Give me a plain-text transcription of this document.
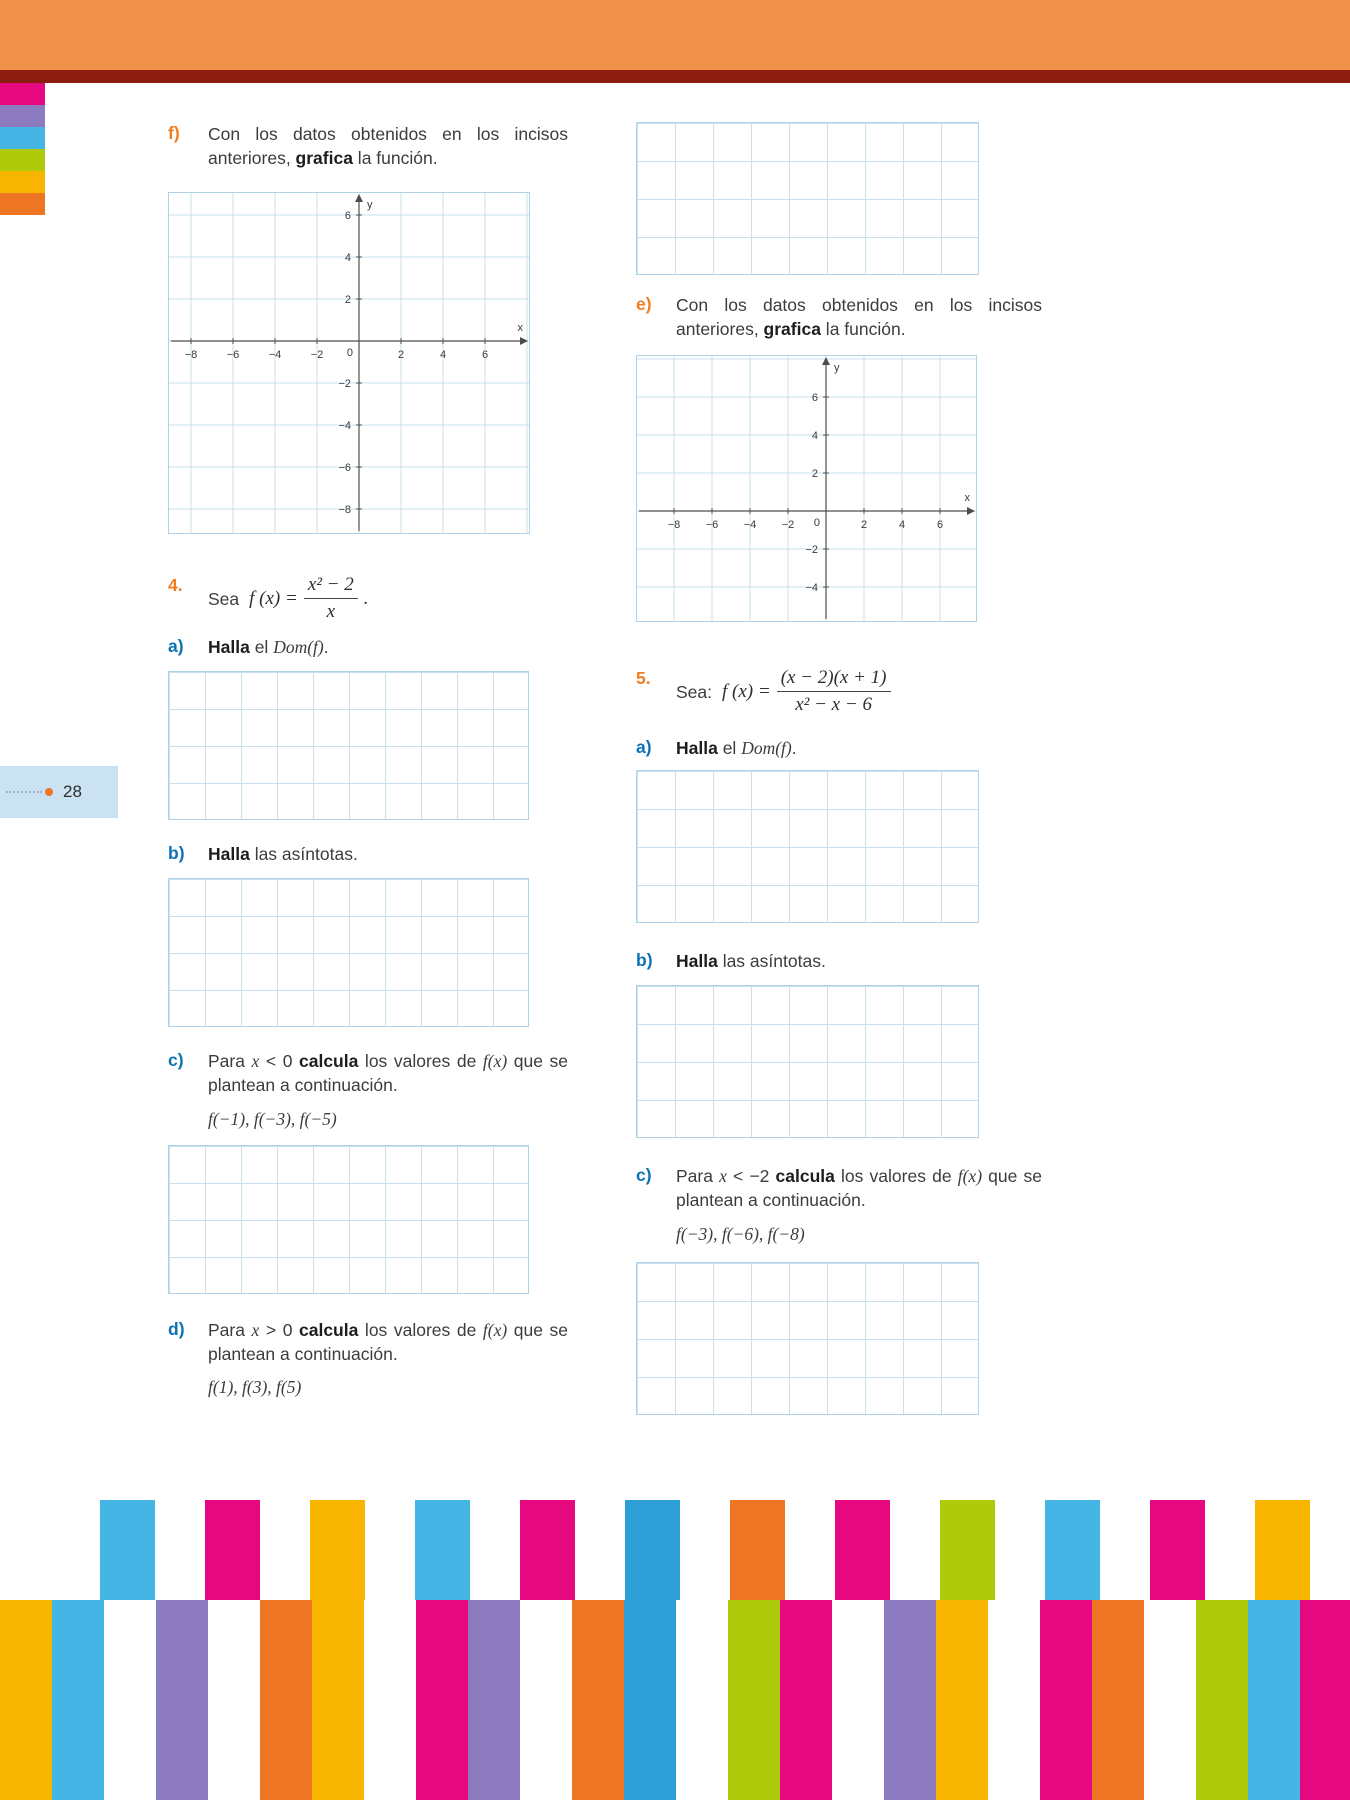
28
f)	Con los datos obtenidos en los incisos anteriores, grafica la función.

x
y
−8	−6	−4	−2 0	2	4	6
6
4
2
−2
−4
−6
−8
4.
Sea f $(x) = \frac{\text{x² − 2}}{x}$ .
a)	Halla el Dom(f).

b)	Halla las asíntotas.

c)	Para x < 0 calcula los valores de f(x) que se plantean a continuación.

f(−1), f(−3), f(−5)

d)	Para x > 0 calcula los valores de f(x) que se plantean a continuación.

f(1), f(3), f(5)

e)	Con los datos obtenidos en los incisos anteriores, grafica la función.

x
y
−8 −6 −4 −2 0	2	4	6
6
4
2
−2
−4
5.
Sea: f $(x) = \frac{(x - 2)(x + 1)}{\text{x² − x − 6}}$
a)	Halla el Dom(f).

b)	Halla las asíntotas.

c)	Para x < −2 calcula los valores de f(x) que se plantean a continuación.

f(−3), f(−6), f(−8)
